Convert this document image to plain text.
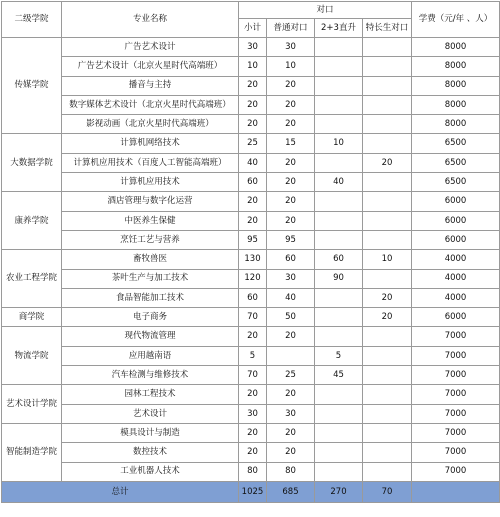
二级学院	专业名称	对口				学费（元/年 、人）
		小计	普通对口	2+3直升	特长生对口	
传媒学院	广告艺术设计	30	30			8000
	广告艺术设计（北京火星时代高端班）	10	10			8000
	播音与主持	20	20			8000
	数字媒体艺术设计（北京火星时代高端班）	20	20			8000
	影视动画（北京火星时代高端班）	20	20			8000
大数据学院	计算机网络技术	25	15	10		6500
	计算机应用技术（百度人工智能高端班）	40	20		20	6500
	计算机应用技术	60	20	40		6500
康养学院	酒店管理与数字化运营	20	20			6000
	中医养生保健	20	20			6000
	烹饪工艺与营养	95	95			6000
农业工程学院	畜牧兽医	130	60	60	10	4000
	茶叶生产与加工技术	120	30	90		4000
	食品智能加工技术	60	40		20	4000
商学院	电子商务	70	50		20	6000
物流学院	现代物流管理	20	20			7000
	应用越南语	5		5		7000
	汽车检测与维修技术	70	25	45		7000
艺术设计学院	园林工程技术	20	20			7000
	艺术设计	30	30			7000
智能制造学院	模具设计与制造	20	20			7000
	数控技术	20	20			7000
	工业机器人技术	80	80			7000
总计		1025	685	270	70	
